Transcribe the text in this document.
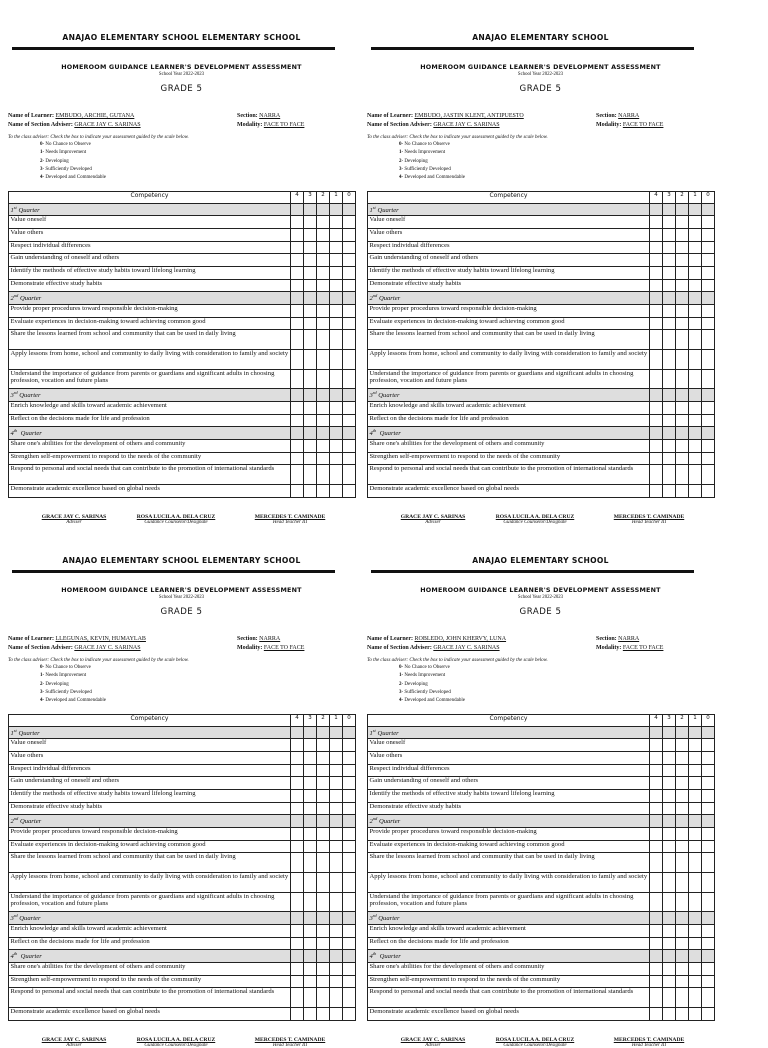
ANAJAO ELEMENTARY SCHOOL ELEMENTARY SCHOOL
HOMEROOM GUIDANCE LEARNER'S DEVELOPMENT ASSESSMENT
School Year 2022-2023
GRADE 5
Name of Learner: EMBUDO, ARCHIE, GUTANA
Name of Section Adviser: GRACE JAY C. SARINAS
Section: NARRA
Modality: FACE TO FACE
To the class adviser: Check the box to indicate your assessment guided by the scale below.
0- No Chance to Observe
1- Needs Improvement
2- Developing
3- Sufficiently Developed
4- Developed and Commendable
Competency	4	3	2	1	0
1st Quarter					
Value oneself					
Value others					
Respect individual differences					
Gain understanding of oneself and others					
Identify the methods of effective study habits toward lifelong learning					
Demonstrate effective study habits					
2nd Quarter					
Provide proper procedures toward responsible decision-making					
Evaluate experiences in decision-making toward achieving common good					
Share the lessons learned from school and community that can be used in daily living					
Apply lessons from home, school and community to daily living with consideration to family and society					
Understand the importance of guidance from parents or guardians and significant adults in choosing profession, vocation and future plans					
3rd Quarter					
Enrich knowledge and skills toward academic achievement					
Reflect on the decisions made for life and profession					
4th  Quarter					
Share one's abilities for the development of others and community					
Strengthen self-empowerment to respond to the needs of the community					
Respond to personal and social needs that can contribute to the promotion of international standards					
Demonstrate academic excellence based on global needs					
GRACE JAY C. SARINAS
Adviser
ROSA LUCILA A. DELA CRUZ
Guidance Counselor/Designate
MERCEDES T. CAMINADE
Head Teacher III
ANAJAO ELEMENTARY SCHOOL
HOMEROOM GUIDANCE LEARNER'S DEVELOPMENT ASSESSMENT
School Year 2022-2023
GRADE 5
Name of Learner: EMBUDO, JASTIN KLENT, ANTIPUESTO
Name of Section Adviser: GRACE JAY C. SARINAS
Section: NARRA
Modality: FACE TO FACE
To the class adviser: Check the box to indicate your assessment guided by the scale below.
0- No Chance to Observe
1- Needs Improvement
2- Developing
3- Sufficiently Developed
4- Developed and Commendable
Competency	4	3	2	1	0
1st Quarter					
Value oneself					
Value others					
Respect individual differences					
Gain understanding of oneself and others					
Identify the methods of effective study habits toward lifelong learning					
Demonstrate effective study habits					
2nd Quarter					
Provide proper procedures toward responsible decision-making					
Evaluate experiences in decision-making toward achieving common good					
Share the lessons learned from school and community that can be used in daily living					
Apply lessons from home, school and community to daily living with consideration to family and society					
Understand the importance of guidance from parents or guardians and significant adults in choosing profession, vocation and future plans					
3rd Quarter					
Enrich knowledge and skills toward academic achievement					
Reflect on the decisions made for life and profession					
4th  Quarter					
Share one's abilities for the development of others and community					
Strengthen self-empowerment to respond to the needs of the community					
Respond to personal and social needs that can contribute to the promotion of international standards					
Demonstrate academic excellence based on global needs					
GRACE JAY C. SARINAS
Adviser
ROSA LUCILA A. DELA CRUZ
Guidance Counselor/Designate
MERCEDES T. CAMINADE
Head Teacher III
ANAJAO ELEMENTARY SCHOOL ELEMENTARY SCHOOL
HOMEROOM GUIDANCE LEARNER'S DEVELOPMENT ASSESSMENT
School Year 2022-2023
GRADE 5
Name of Learner: LLEGUNAS, KEVIN, HUMAYLAB
Name of Section Adviser: GRACE JAY C. SARINAS
Section: NARRA
Modality: FACE TO FACE
To the class adviser: Check the box to indicate your assessment guided by the scale below.
0- No Chance to Observe
1- Needs Improvement
2- Developing
3- Sufficiently Developed
4- Developed and Commendable
Competency	4	3	2	1	0
1st Quarter					
Value oneself					
Value others					
Respect individual differences					
Gain understanding of oneself and others					
Identify the methods of effective study habits toward lifelong learning					
Demonstrate effective study habits					
2nd Quarter					
Provide proper procedures toward responsible decision-making					
Evaluate experiences in decision-making toward achieving common good					
Share the lessons learned from school and community that can be used in daily living					
Apply lessons from home, school and community to daily living with consideration to family and society					
Understand the importance of guidance from parents or guardians and significant adults in choosing profession, vocation and future plans					
3rd Quarter					
Enrich knowledge and skills toward academic achievement					
Reflect on the decisions made for life and profession					
4th  Quarter					
Share one's abilities for the development of others and community					
Strengthen self-empowerment to respond to the needs of the community					
Respond to personal and social needs that can contribute to the promotion of international standards					
Demonstrate academic excellence based on global needs					
GRACE JAY C. SARINAS
Adviser
ROSA LUCILA A. DELA CRUZ
Guidance Counselor/Designate
MERCEDES T. CAMINADE
Head Teacher III
ANAJAO ELEMENTARY SCHOOL
HOMEROOM GUIDANCE LEARNER'S DEVELOPMENT ASSESSMENT
School Year 2022-2023
GRADE 5
Name of Learner: ROBLEDO, JOHN KHERVY, LUNA
Name of Section Adviser: GRACE JAY C. SARINAS
Section: NARRA
Modality: FACE TO FACE
To the class adviser: Check the box to indicate your assessment guided by the scale below.
0- No Chance to Observe
1- Needs Improvement
2- Developing
3- Sufficiently Developed
4- Developed and Commendable
Competency	4	3	2	1	0
1st Quarter					
Value oneself					
Value others					
Respect individual differences					
Gain understanding of oneself and others					
Identify the methods of effective study habits toward lifelong learning					
Demonstrate effective study habits					
2nd Quarter					
Provide proper procedures toward responsible decision-making					
Evaluate experiences in decision-making toward achieving common good					
Share the lessons learned from school and community that can be used in daily living					
Apply lessons from home, school and community to daily living with consideration to family and society					
Understand the importance of guidance from parents or guardians and significant adults in choosing profession, vocation and future plans					
3rd Quarter					
Enrich knowledge and skills toward academic achievement					
Reflect on the decisions made for life and profession					
4th  Quarter					
Share one's abilities for the development of others and community					
Strengthen self-empowerment to respond to the needs of the community					
Respond to personal and social needs that can contribute to the promotion of international standards					
Demonstrate academic excellence based on global needs					
GRACE JAY C. SARINAS
Adviser
ROSA LUCILA A. DELA CRUZ
Guidance Counselor/Designate
MERCEDES T. CAMINADE
Head Teacher III
